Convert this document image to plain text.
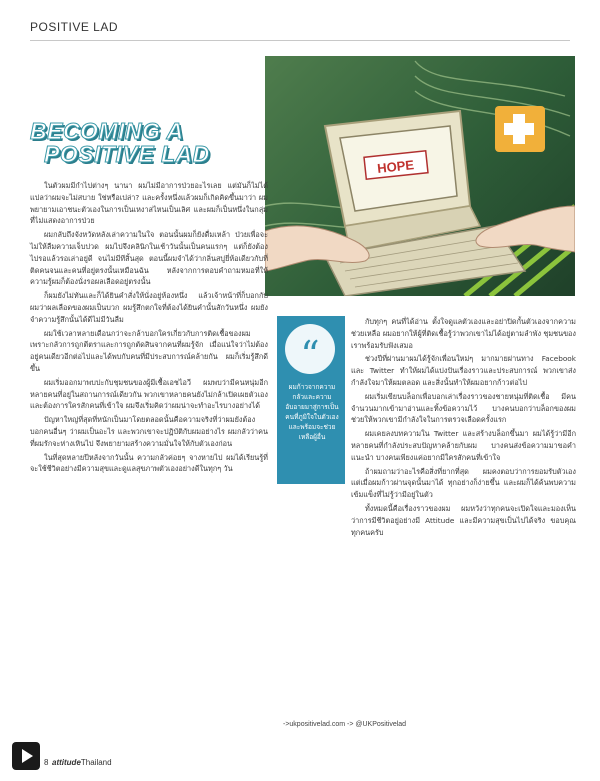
POSITIVE LAD
HOPE
BECOMING A
POSITIVE LAD

ในตัวผมมีกำไปต่างๆ นานา ผมไม่มีอาการป่วยอะไรเลย แต่มันก็ไม่ได้แปลว่าผมจะไม่สบาย ใช่หรือเปล่า? และครั้งหนึ่งแล้วผมก็เกิดคิดขึ้นมาว่า ผมพยายามเอาชนะตัวเองในการเป็นเหงาสไหนเป็นเลิศ และผมก็เป็นหนึ่งในกลุ่มที่ไม่แสดงอาการป่วย

ผมกลับถึงจังหวัดหลังเล่าความในใจ ตอนนั้นผมก็ยังดื่มเหล้า ป่วยเพื่อจะไม่ให้ลืมความเจ็บปวด ผมไปจึงคลินิกในเช้าวันนั้นเป็นคนแรกๆ แต่ก็ยังต้องไปรอแล้วรอเล่าอยู่ดี จนไม่มีทีสิ้นสุด ตอนนี้ผมจำได้ว่ากลิ่นสบู่ยี่ห้อเดียวกับที่ติดคนจนและคนที่อยู่ตรงนั้นเหมือนฉัน หลังจากการตอบคำถามหมอที่ให้ความรู้ผมก็ต้องนั่งรอผลเลือดอยู่ตรงนั้น

ก็ผมยังไม่ทันและก็ได้ยินคำสั่งให้นั่งอยู่ห้องหนึ่ง แล้วเจ้าหน้าที่ก็บอกกับผมว่าผลเลือดของผมเป็นบวก ผมรู้สึกตกใจที่ต้องได้ยินคำนั้นสักวันหนึ่ง ผมยังจำความรู้สึกนั้นได้ดีไม่มีวันลืม

ผมใช้เวลาหลายเดือนกว่าจะกล้าบอกใครเกี่ยวกับการติดเชื้อของผม เพราะกลัวการถูกตีตราและการถูกตัดสินจากคนที่ผมรู้จัก เมื่อแน่ใจว่าไม่ต้องอยู่คนเดียวอีกต่อไปและได้พบกับคนที่มีประสบการณ์คล้ายกัน ผมก็เริ่มรู้สึกดีขึ้น

ผมเริ่มออกมาพบปะกับชุมชนของผู้มีเชื้อเอชไอวี ผมพบว่ามีคนหนุ่มอีกหลายคนที่อยู่ในสถานการณ์เดียวกัน พวกเขาหลายคนยังไม่กล้าเปิดเผยตัวเอง และต้องการใครสักคนที่เข้าใจ ผมจึงเริ่มคิดว่าผมน่าจะทำอะไรบางอย่างได้

ปัญหาใหญ่ที่สุดที่หนักเป็นมาโดยตลอดนั้นคือความจริงที่ว่าผมยังต้องบอกคนอื่นๆ ว่าผมเป็นอะไร และพวกเขาจะปฏิบัติกับผมอย่างไร ผมกลัวว่าคนที่ผมรักจะห่างเหินไป จึงพยายามสร้างความมั่นใจให้กับตัวเองก่อน

ในที่สุดหลายปีหลังจากวันนั้น ความกลัวค่อยๆ จางหายไป ผมได้เรียนรู้ที่จะใช้ชีวิตอย่างมีความสุขและดูแลสุขภาพตัวเองอย่างดีในทุกๆ วัน

“
ผมก้าวจากความกลัวและความอับอายมาสู่การเป็นคนที่ภูมิใจในตัวเองและพร้อมจะช่วยเหลือผู้อื่น

กับทุกๆ คนที่ได้อ่าน ตั้งใจดูแลตัวเองและอย่าปิดกั้นตัวเองจากความช่วยเหลือ ผมอยากให้ผู้ที่ติดเชื้อรู้ว่าพวกเขาไม่ได้อยู่ตามลำพัง ชุมชนของเราพร้อมรับฟังเสมอ

ช่วงปีที่ผ่านมาผมได้รู้จักเพื่อนใหม่ๆ มากมายผ่านทาง Facebook และ Twitter ทำให้ผมได้แบ่งปันเรื่องราวและประสบการณ์ พวกเขาส่งกำลังใจมาให้ผมตลอด และสิ่งนั้นทำให้ผมอยากก้าวต่อไป

ผมเริ่มเขียนบล็อกเพื่อบอกเล่าเรื่องราวของชายหนุ่มที่ติดเชื้อ มีคนจำนวนมากเข้ามาอ่านและทิ้งข้อความไว้ บางคนบอกว่าบล็อกของผมช่วยให้พวกเขามีกำลังใจในการตรวจเลือดครั้งแรก

ผมเคยลงบทความใน Twitter และสร้างบล็อกขึ้นมา ผมได้รู้ว่ามีอีกหลายคนที่กำลังประสบปัญหาคล้ายกับผม บางคนส่งข้อความมาขอคำแนะนำ บางคนเพียงแค่อยากมีใครสักคนที่เข้าใจ

ถ้าผมถามว่าอะไรคือสิ่งที่ยากที่สุด ผมคงตอบว่าการยอมรับตัวเอง แต่เมื่อผมก้าวผ่านจุดนั้นมาได้ ทุกอย่างก็ง่ายขึ้น และผมก็ได้ค้นพบความเข้มแข็งที่ไม่รู้ว่ามีอยู่ในตัว

ทั้งหมดนี้คือเรื่องราวของผม ผมหวังว่าทุกคนจะเปิดใจและมองเห็นว่าการมีชีวิตอยู่อย่างมี Attitude และมีความสุขเป็นไปได้จริง ขอบคุณทุกคนครับ

->ukpositivelad.com -> @UKPositivelad
8 attitudeThailand
